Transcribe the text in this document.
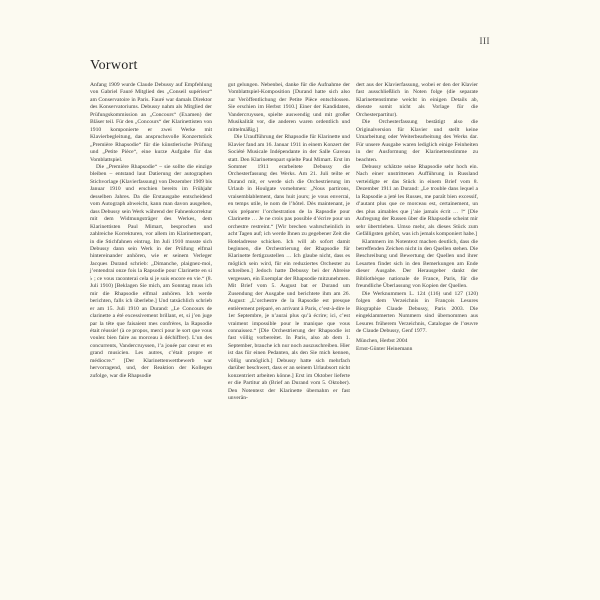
III
Vorwort

Anfang 1909 wurde Claude Debussy auf Empfehlung von Gabriel Fauré Mitglied des „Conseil supérieur“ am Conservatoire in Paris. Fauré war damals Direktor des Konservatoriums. Debussy nahm als Mitglied der Prüfungskommission an „Concours“ (Examen) der Bläser teil. Für den „Concours“ der Klarinettisten von 1910 komponierte er zwei Werke mit Klavierbegleitung, das anspruchsvolle Konzertstück „Première Rhapsodie“ für die künstlerische Prüfung und „Petite Pièce“, eine kurze Aufgabe für das Vomblattspiel.

Die „Première Rhapsodie“ – sie sollte die einzige bleiben – entstand laut Datierung der autographen Stichvorlage (Klavierfassung) von Dezember 1909 bis Januar 1910 und erschien bereits im Frühjahr desselben Jahres. Da die Erstausgabe entscheidend vom Autograph abweicht, kann man davon ausgehen, dass Debussy sein Werk während der Fahnenkorrektur mit dem Widmungsträger des Werkes, dem Klarinettisten Paul Mimart, besprochen und zahlreiche Korrekturen, vor allem im Klarinettenpart, in die Stichfahnen eintrug. Im Juli 1910 musste sich Debussy dann sein Werk in der Prüfung elfmal hintereinander anhören, wie er seinem Verleger Jacques Durand schrieb: „Dimanche, plaignez-moi, j’entendrai onze fois la Rapsodie pour Clarinette en si ♭ ; ce vous raconterai cela si je suis encore en vie.“ (8. Juli 1910) [Beklagen Sie mich, am Sonntag muss ich mir die Rhapsodie elfmal anhören. Ich werde berichten, falls ich überlebe.] Und tatsächlich schrieb er am 15. Juli 1910 an Durand: „Le Concours de clarinette a été excessivement brillant, et, si j’en juge par la tête que faisaient mes confrères, la Rapsodie était réussie! (à ce propos, merci pour le sort que vous voulez bien faire au morceau à déchiffrer). L’un des concurrents, Vandercruyssen, l’a jouée par cœur et en grand musicien. Les autres, c’était propre et médiocre.“ [Der Klarinettenwettbewerb war hervorragend, und, der Reaktion der Kollegen zufolge, war die Rhapsodie

gut gelungen. Nebenbei, danke für die Aufnahme der Vomblattspiel-Komposition [Durand hatte sich also zur Veröffentlichung der Petite Pièce entschlossen. Sie erschien im Herbst 1910.] Einer der Kandidaten, Vandercruyssen, spielte auswendig und mit großer Musikalität vor, die anderen waren ordentlich und mittelmäßig.]

Die Uraufführung der Rhapsodie für Klarinette und Klavier fand am 16. Januar 1911 in einem Konzert der Société Musicale Indépendante in der Salle Gaveau statt. Den Klarinettenpart spielte Paul Mimart. Erst im Sommer 1911 erarbeitete Debussy die Orchesterfassung des Werks. Am 21. Juli teilte er Durand mit, er werde sich die Orchestrierung im Urlaub in Houlgate vornehmen: „Nous partirons, vraisemblablement, dans huit jours; je vous enverrai, en temps utile, le nom de l’hôtel. Dès maintenant, je vais préparer l’orchestration de la Rapsodie pour Clarinette … Je ne crois pas possible d’écrire pour un orchestre restreint.“ [Wir brechen wahrscheinlich in acht Tagen auf; ich werde Ihnen zu gegebener Zeit die Hoteladresse schicken. Ich will ab sofort damit beginnen, die Orchestrierung der Rhapsodie für Klarinette fertigzustellen … Ich glaube nicht, dass es möglich sein wird, für ein reduziertes Orchester zu schreiben.] Jedoch hatte Debussy bei der Abreise vergessen, ein Exemplar der Rhapsodie mitzunehmen. Mit Brief vom 5. August bat er Durand um Zusendung der Ausgabe und berichtete ihm am 26. August: „L’orchestre de la Rapsodie est presque entièrement préparé, en arrivant à Paris, c’est-à-dire le 1er Septembre, je n’aurai plus qu’à écrire; ici, c’est vraiment impossible pour le manique que vous connaissez.“ [Die Orchestrierung der Rhapsodie ist fast völlig vorbereitet. In Paris, also ab dem 1. September, brauche ich nur noch auszuschreiben. Hier ist das für einen Pedanten, als den Sie mich kennen, völlig unmöglich.] Debussy hatte sich mehrfach darüber beschwert, dass er an seinem Urlaubsort nicht konzentriert arbeiten könne.] Erst im Oktober lieferte er die Partitur ab (Brief an Durand vom 5. Oktober). Den Notentext der Klarinette übernahm er fast unverän-

dert aus der Klavierfassung, wobei er den der Klavier fast ausschließlich in Noten folge (die separate Klarinettenstimme weicht in einigen Details ab, dienste somit nicht als Vorlage für die Orchesterpartitur).

Die Orchesterfassung bestätigt also die Originalversion für Klavier und stellt keine Umarbeitung oder Weiterbearbeitung des Werks dar. Für unsere Ausgabe waren lediglich einige Feinheiten in der Ausformung der Klarinettenstimme zu beachten.

Debussy schätzte seine Rhapsodie sehr hoch ein. Nach einer unstrittenen Aufführung in Russland verteidigte er das Stück in einem Brief vom 8. Dezember 1911 an Durand: „Le trouble dans lequel a la Rapsodie a jeté les Russes, me paraît bien excessif, d’autant plus que ce morceau est, certainement, un des plus aimables que j’aie jamais écrit … !“ [Die Aufregung der Russen über die Rhapsodie scheint mir sehr übertrieben. Umso mehr, als dieses Stück zum Gefälligsten gehört, was ich jemals komponiert habe.]

Klammern im Notentext machen deutlich, dass die betreffenden Zeichen nicht in den Quellen stehen. Die Beschreibung und Bewertung der Quellen und ihrer Lesarten findet sich in den Bemerkungen am Ende dieser Ausgabe. Der Herausgeber dankt der Bibliothèque nationale de France, Paris, für die freundliche Überlassung von Kopien der Quellen.

Die Werknummern L. 124 (116) und 127 (120) folgen dem Verzeichnis in François Lesures Biographie Claude Debussy, Paris 2003. Die eingeklammerten Nummern sind übernommen aus Lesures früherem Verzeichnis, Catalogue de l’œuvre de Claude Debussy, Genf 1977.

München, Herbst 2004
Ernst-Günter Heinemann
